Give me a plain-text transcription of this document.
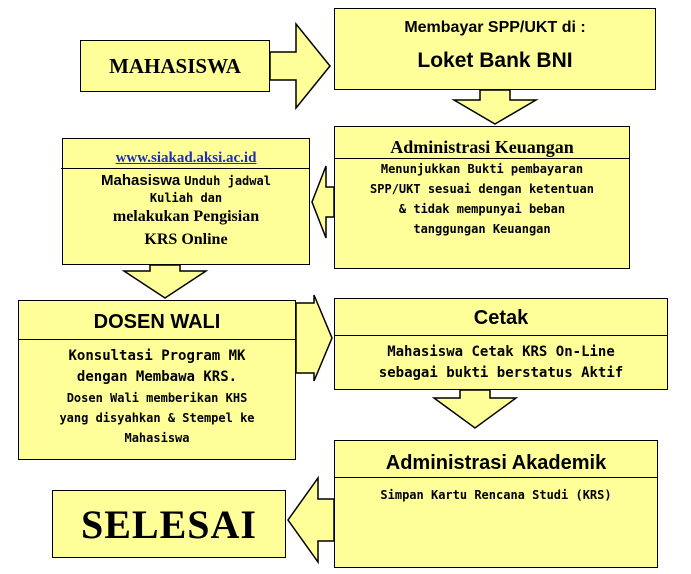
MAHASISWA
Membayar SPP/UKT di :
Loket Bank BNI
Administrasi Keuangan
Menunjukkan Bukti pembayaran
SPP/UKT sesuai dengan ketentuan
& tidak mempunyai beban
tanggungan Keuangan
www.siakad.aksi.ac.id
Mahasiswa Unduh jadwal
Kuliah dan
melakukan Pengisian
KRS Online
DOSEN WALI
Konsultasi Program MK
dengan Membawa KRS.
Dosen Wali memberikan KHS
yang disyahkan & Stempel ke
Mahasiswa
Cetak
Mahasiswa Cetak KRS On-Line
sebagai bukti berstatus Aktif
Administrasi Akademik
Simpan Kartu Rencana Studi (KRS)
SELESAI
